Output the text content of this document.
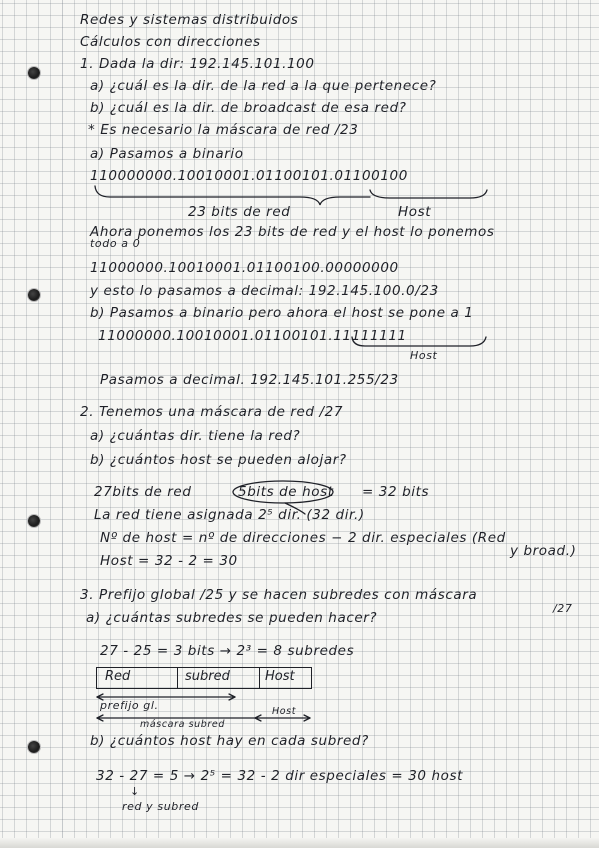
Redes y sistemas distribuidos

Cálculos con direcciones

1. Dada la dir: 192.145.101.100

a) ¿cuál es la dir. de la red a la que pertenece?

b) ¿cuál es la dir. de broadcast de esa red?

* Es necesario la máscara de red /23

a) Pasamos a binario

110000000.10010001.01100101.01100100

23 bits de red	Host

Ahora ponemos los 23 bits de red y el host lo ponemos

todo a 0

11000000.10010001.01100100.00000000

y esto lo pasamos a decimal: 192.145.100.0/23

b) Pasamos a binario pero ahora el host se pone a 1

11000000.10010001.01100101.11111111

Host

Pasamos a decimal. 192.145.101.255/23

2. Tenemos una máscara de red /27

a) ¿cuántas dir. tiene la red?

b) ¿cuántos host se pueden alojar?

27bits de red	5bits de host = 32 bits

La red tiene asignada 2⁵ dir. (32 dir.)

Nº de host = nº de direcciones − 2 dir. especiales (Red

y broad.)

Host = 32 - 2 = 30

3. Prefijo global /25 y se hacen subredes con máscara

/27

a) ¿cuántas subredes se pueden hacer?

27 - 25 = 3 bits → 2³ = 8 subredes

Red	subred	Host

prefijo gl.

máscara subred

Host

b) ¿cuántos host hay en cada subred?

32 - 27 = 5 → 2⁵ = 32 - 2 dir especiales = 30 host

↓

red y subred
